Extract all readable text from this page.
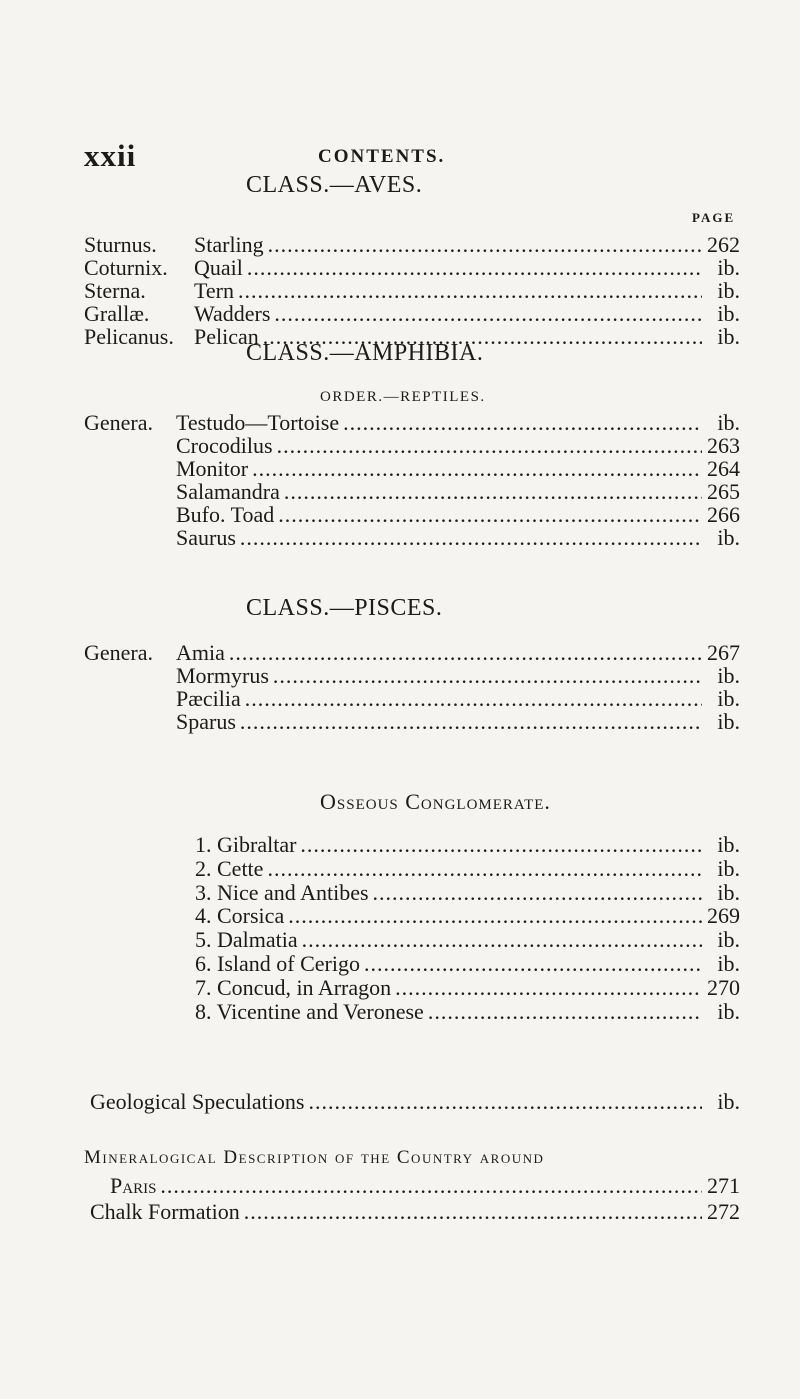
xxii	CONTENTS.
CLASS.—AVES.
PAGE
Sturnus. Starling .....	262
Coturnix. Quail .....	ib.
Sterna. Tern .....	ib.
Grallæ. Wadders .....	ib.
Pelicanus. Pelican .....	ib.
CLASS.—AMPHIBIA.
ORDER.—REPTILES.
Genera. Testudo—Tortoise .....	ib.
Crocodilus .....	263
Monitor .....	264
Salamandra .....	265
Bufo. Toad .....	266
Saurus .....	ib.
CLASS.—PISCES.
Genera. Amia .....	267
Mormyrus .....	ib.
Pæcilia .....	ib.
Sparus .....	ib.
Osseous Conglomerate.
1. Gibraltar .....	ib.
2. Cette .....	ib.
3. Nice and Antibes .....	ib.
4. Corsica .....	269
5. Dalmatia .....	ib.
6. Island of Cerigo .....	ib.
7. Concud, in Arragon .....	270
8. Vicentine and Veronese .....	ib.
Geological Speculations .....	ib.
Mineralogical Description of the Country around
Paris .....	271
Chalk Formation .....	272
